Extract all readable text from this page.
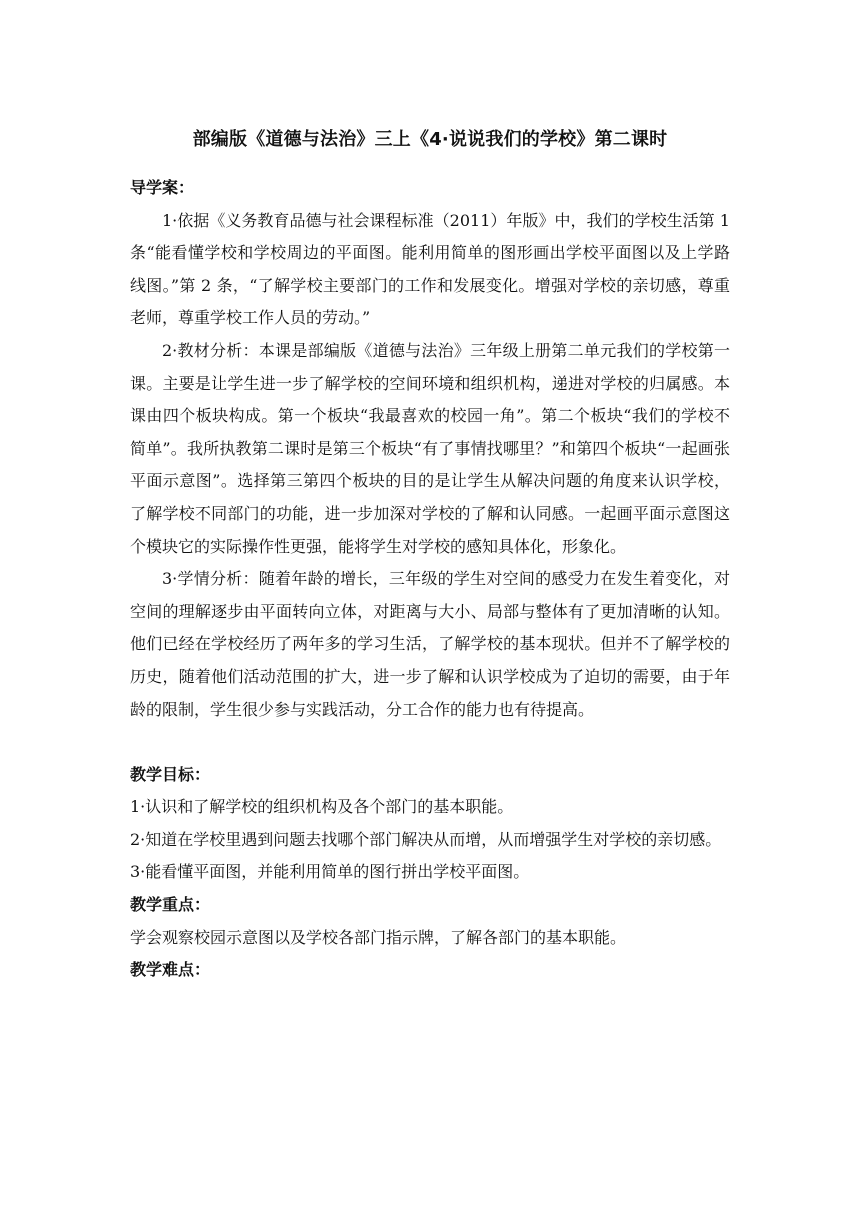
部编版《道德与法治》三上《4·说说我们的学校》第二课时

导学案：

1·依据《义务教育品德与社会课程标准（2011）年版》中，我们的学校生活第 1 条“能看懂学校和学校周边的平面图。能利用简单的图形画出学校平面图以及上学路线图。”第 2 条，“了解学校主要部门的工作和发展变化。增强对学校的亲切感，尊重老师，尊重学校工作人员的劳动。”

2·教材分析：本课是部编版《道德与法治》三年级上册第二单元我们的学校第一课。主要是让学生进一步了解学校的空间环境和组织机构，递进对学校的归属感。本课由四个板块构成。第一个板块“我最喜欢的校园一角”。第二个板块“我们的学校不简单”。我所执教第二课时是第三个板块“有了事情找哪里？”和第四个板块“一起画张平面示意图”。选择第三第四个板块的目的是让学生从解决问题的角度来认识学校，了解学校不同部门的功能，进一步加深对学校的了解和认同感。一起画平面示意图这个模块它的实际操作性更强，能将学生对学校的感知具体化，形象化。

3·学情分析：随着年龄的增长，三年级的学生对空间的感受力在发生着变化，对空间的理解逐步由平面转向立体，对距离与大小、局部与整体有了更加清晰的认知。他们已经在学校经历了两年多的学习生活，了解学校的基本现状。但并不了解学校的历史，随着他们活动范围的扩大，进一步了解和认识学校成为了迫切的需要，由于年龄的限制，学生很少参与实践活动，分工合作的能力也有待提高。

教学目标：

1·认识和了解学校的组织机构及各个部门的基本职能。

2·知道在学校里遇到问题去找哪个部门解决从而增，从而增强学生对学校的亲切感。

3·能看懂平面图，并能利用简单的图行拼出学校平面图。

教学重点：

学会观察校园示意图以及学校各部门指示牌，了解各部门的基本职能。

教学难点：
